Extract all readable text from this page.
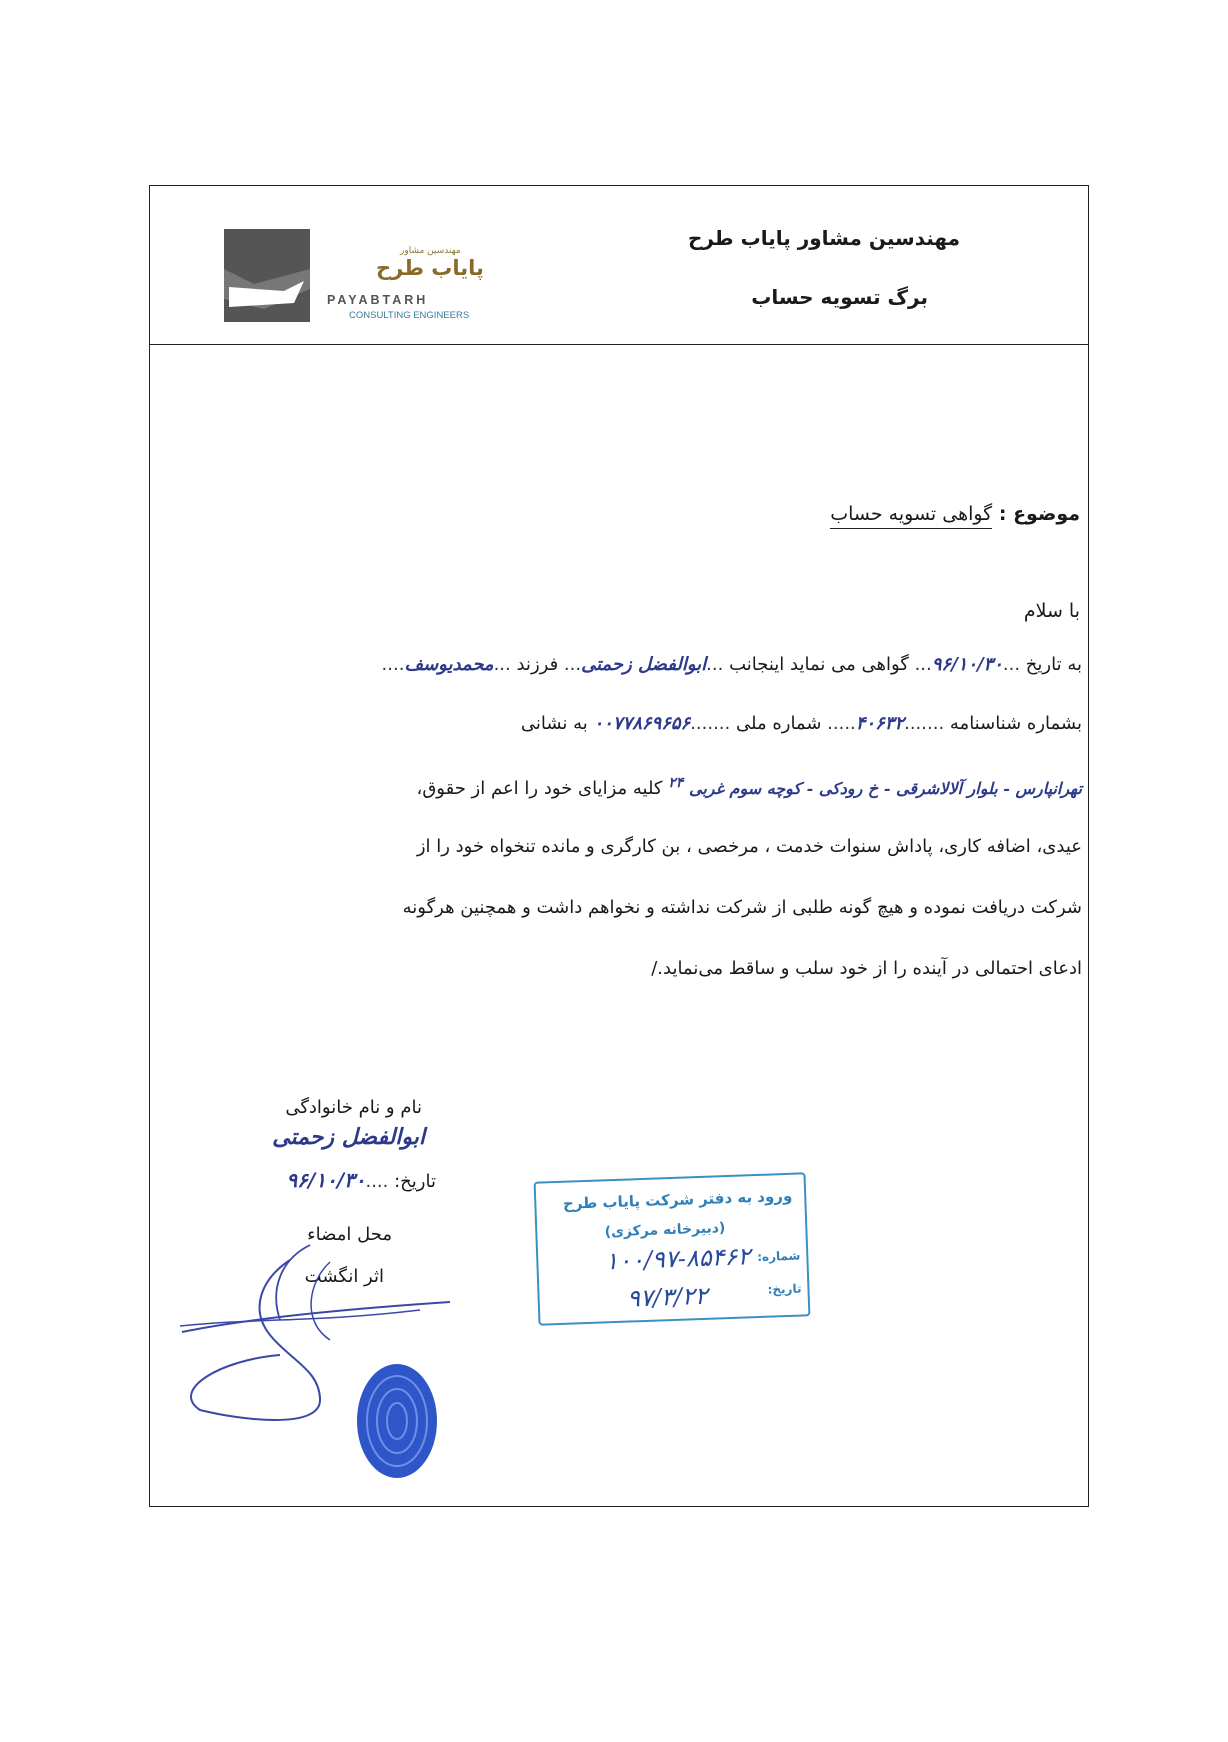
مهندسین مشاور پایاب طرح
برگ تسویه حساب
مهندسین مشاور
پایاب طرح
PAYABTARH
CONSULTING ENGINEERS
موضوع : گواهی تسویه حساب
با سلام
به تاریخ ...۹۶/۱۰/۳۰... گواهی می نماید اینجانب ...ابوالفضل زحمتی... فرزند ...محمدیوسف....
بشماره شناسنامه .......۴۰۶۳۲..... شماره ملی .......۰۰۷۷۸۶۹۶۵۶ به نشانی
تهرانپارس - بلوار آلالاشرقی - خ رودکی - کوچه سوم غربی $^{۲۴}$ کلیه مزایای خود را اعم از حقوق،
عیدی، اضافه کاری، پاداش سنوات خدمت ، مرخصی ، بن کارگری و مانده تنخواه خود را از
شرکت دریافت نموده و هیچ گونه طلبی از شرکت نداشته و نخواهم داشت و همچنین هرگونه
ادعای احتمالی در آینده را از خود سلب و ساقط می‌نماید./
نام و نام خانوادگی
ابوالفضل زحمتی
تاریخ: ....۹۶/۱۰/۳۰
محل امضاء
اثر انگشت
ورود به دفتر شرکت پایاب طرح
(دبیرخانه مرکزی)
شماره:
تاریخ:
۱۰۰/۹۷-۸۵۴۶۲
۹۷/۳/۲۲
